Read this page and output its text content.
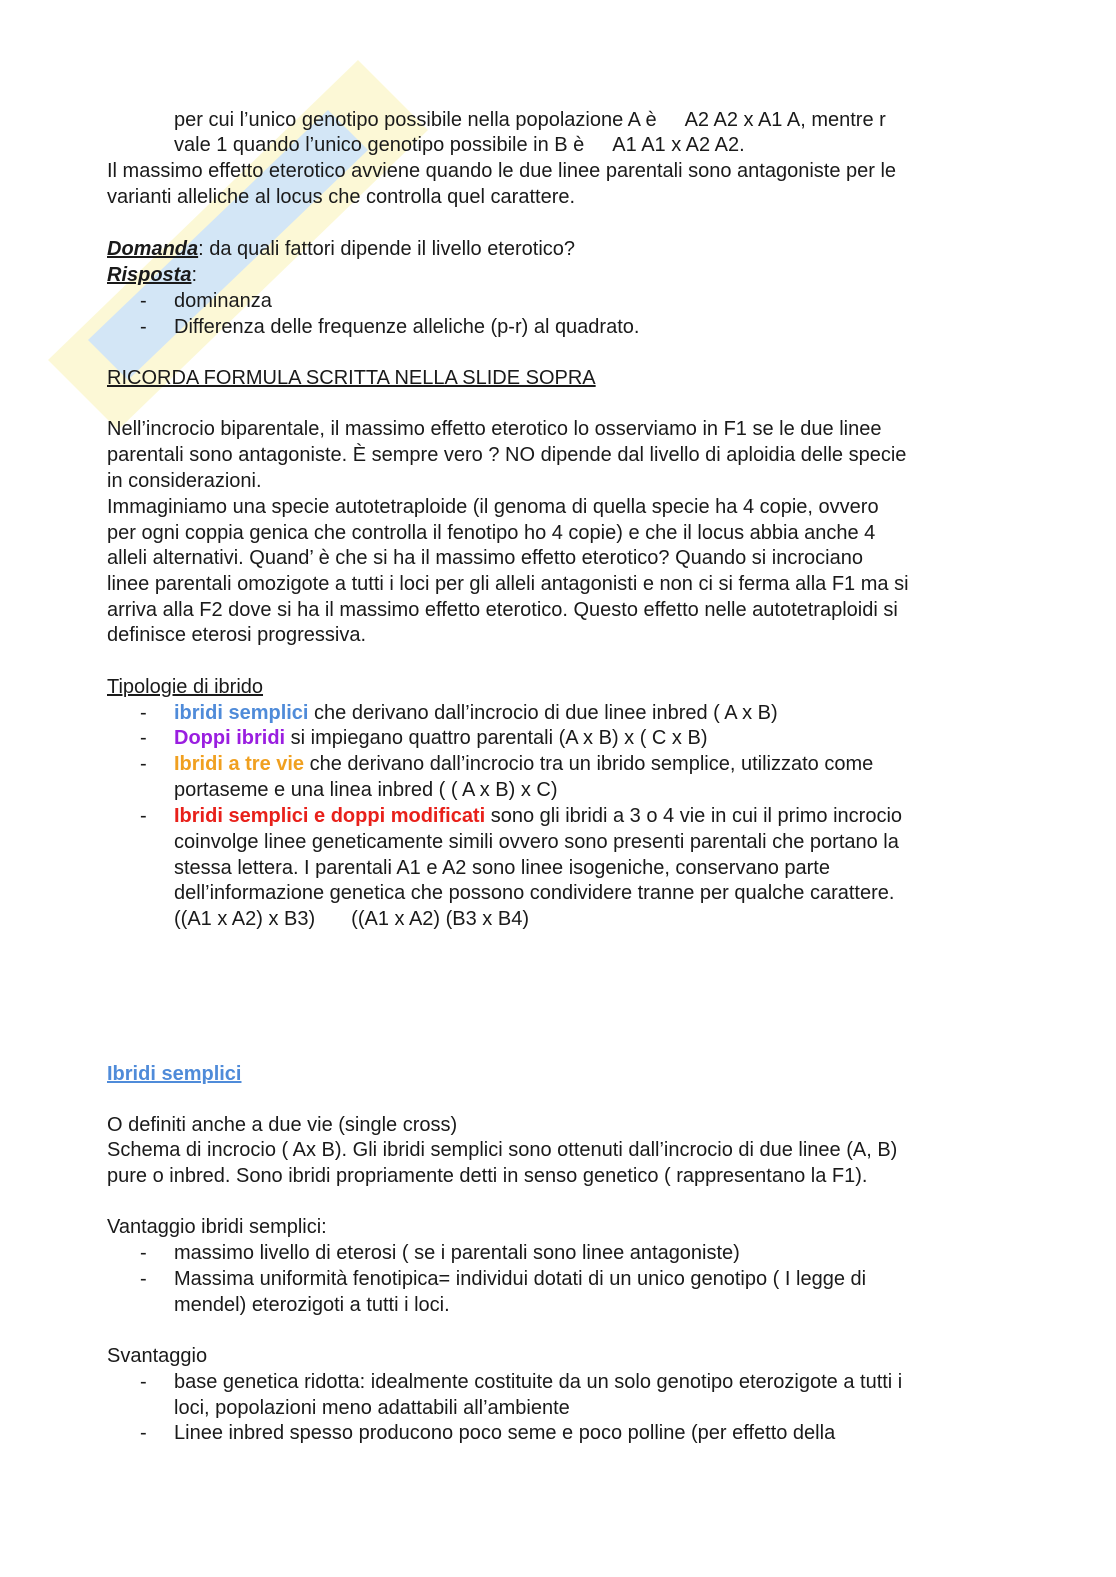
per cui l’unico genotipo possibile nella popolazione A è A2 A2 x A1 A, mentre r
vale 1 quando l’unico genotipo possibile in B è A1 A1 x A2 A2.
Il massimo effetto eterotico avviene quando le due linee parentali sono antagoniste per le
varianti alleliche al locus che controlla quel carattere.
Domanda: da quali fattori dipende il livello eterotico?
Risposta:
- dominanza
- Differenza delle frequenze alleliche (p-r) al quadrato.
RICORDA FORMULA SCRITTA NELLA SLIDE SOPRA
Nell’incrocio biparentale, il massimo effetto eterotico lo osserviamo in F1 se le due linee
parentali sono antagoniste. È sempre vero ? NO dipende dal livello di aploidia delle specie
in considerazioni.
Immaginiamo una specie autotetraploide (il genoma di quella specie ha 4 copie, ovvero
per ogni coppia genica che controlla il fenotipo ho 4 copie) e che il locus abbia anche 4
alleli alternativi. Quand’ è che si ha il massimo effetto eterotico? Quando si incrociano
linee parentali omozigote a tutti i loci per gli alleli antagonisti e non ci si ferma alla F1 ma si
arriva alla F2 dove si ha il massimo effetto eterotico. Questo effetto nelle autotetraploidi si
definisce eterosi progressiva.
Tipologie di ibrido
- ibridi semplici che derivano dall’incrocio di due linee inbred ( A x B)
- Doppi ibridi si impiegano quattro parentali (A x B) x ( C x B)
- Ibridi a tre vie che derivano dall’incrocio tra un ibrido semplice, utilizzato come
portaseme e una linea inbred ( ( A x B) x C)
- Ibridi semplici e doppi modificati sono gli ibridi a 3 o 4 vie in cui il primo incrocio
coinvolge linee geneticamente simili ovvero sono presenti parentali che portano la
stessa lettera. I parentali A1 e A2 sono linee isogeniche, conservano parte
dell’informazione genetica che possono condividere tranne per qualche carattere.
((A1 x A2) x B3) ((A1 x A2) (B3 x B4)
Ibridi semplici
O definiti anche a due vie (single cross)
Schema di incrocio ( Ax B). Gli ibridi semplici sono ottenuti dall’incrocio di due linee (A, B)
pure o inbred. Sono ibridi propriamente detti in senso genetico ( rappresentano la F1).
Vantaggio ibridi semplici:
- massimo livello di eterosi ( se i parentali sono linee antagoniste)
- Massima uniformità fenotipica= individui dotati di un unico genotipo ( I legge di
mendel) eterozigoti a tutti i loci.
Svantaggio
- base genetica ridotta: idealmente costituite da un solo genotipo eterozigote a tutti i
loci, popolazioni meno adattabili all’ambiente
- Linee inbred spesso producono poco seme e poco polline (per effetto della
